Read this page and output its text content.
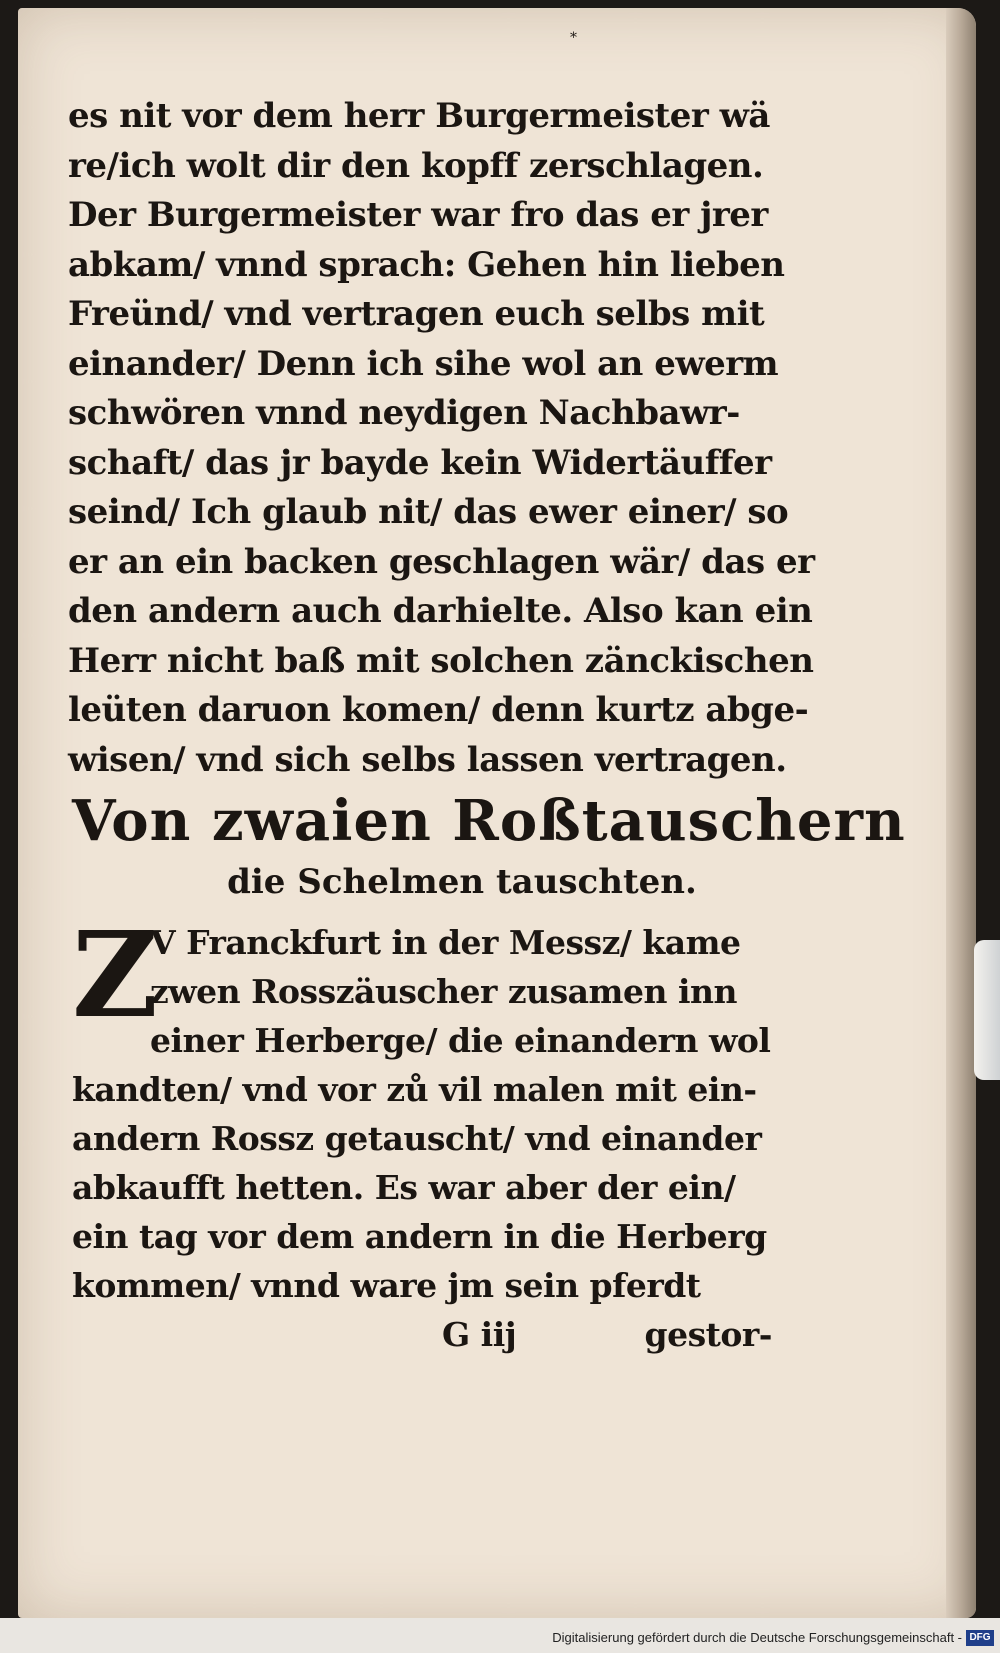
*
es nit vor dem herr Burgermeister wä
re/ich wolt dir den kopff zerschlagen.
Der Burgermeister war fro das er jrer
abkam/ vnnd sprach: Gehen hin lieben
Freünd/ vnd vertragen euch selbs mit
einander/ Denn ich sihe wol an ewerm
schwören vnnd neydigen Nachbawr-
schaft/ das jr bayde kein Widertäuffer
seind/ Ich glaub nit/ das ewer einer/ so
er an ein backen geschlagen wär/ das er
den andern auch darhielte. Also kan ein
Herr nicht baß mit solchen zänckischen
leüten daruon komen/ denn kurtz abge-
wisen/ vnd sich selbs lassen vertragen.
Von zwaien Roßtauschern
die Schelmen tauschten.
Z
V Franckfurt in der Messz/ kame
zwen Rosszäuscher zusamen inn
einer Herberge/ die einandern wol
kandten/ vnd vor zů vil malen mit ein-
andern Rossz getauscht/ vnd einander
abkaufft hetten. Es war aber der ein/
ein tag vor dem andern in die Herberg
kommen/ vnnd ware jm sein pferdt
G iij	gestor-
Digitalisierung gefördert durch die Deutsche Forschungsgemeinschaft - DFG
